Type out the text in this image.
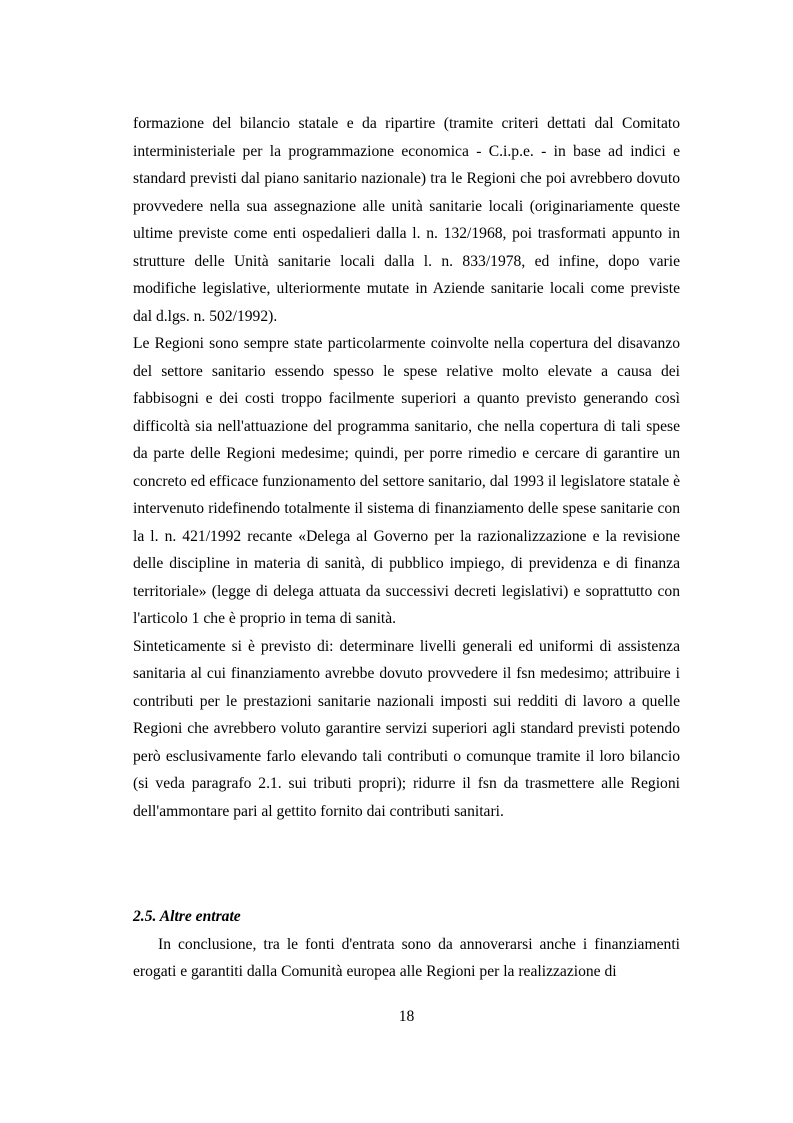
formazione del bilancio statale e da ripartire (tramite criteri dettati dal Comitato interministeriale per la programmazione economica - C.i.p.e. - in base ad indici e standard previsti dal piano sanitario nazionale) tra le Regioni che poi avrebbero dovuto provvedere nella sua assegnazione alle unità sanitarie locali (originariamente queste ultime previste come enti ospedalieri dalla l. n. 132/1968, poi trasformati appunto in strutture delle Unità sanitarie locali dalla l. n. 833/1978, ed infine, dopo varie modifiche legislative, ulteriormente mutate in Aziende sanitarie locali come previste dal d.lgs. n. 502/1992).

Le Regioni sono sempre state particolarmente coinvolte nella copertura del disavanzo del settore sanitario essendo spesso le spese relative molto elevate a causa dei fabbisogni e dei costi troppo facilmente superiori a quanto previsto generando così difficoltà sia nell'attuazione del programma sanitario, che nella copertura di tali spese da parte delle Regioni medesime; quindi, per porre rimedio e cercare di garantire un concreto ed efficace funzionamento del settore sanitario, dal 1993 il legislatore statale è intervenuto ridefinendo totalmente il sistema di finanziamento delle spese sanitarie con la l. n. 421/1992 recante «Delega al Governo per la razionalizzazione e la revisione delle discipline in materia di sanità, di pubblico impiego, di previdenza e di finanza territoriale» (legge di delega attuata da successivi decreti legislativi) e soprattutto con l'articolo 1 che è proprio in tema di sanità.

Sinteticamente si è previsto di: determinare livelli generali ed uniformi di assistenza sanitaria al cui finanziamento avrebbe dovuto provvedere il fsn medesimo; attribuire i contributi per le prestazioni sanitarie nazionali imposti sui redditi di lavoro a quelle Regioni che avrebbero voluto garantire servizi superiori agli standard previsti potendo però esclusivamente farlo elevando tali contributi o comunque tramite il loro bilancio (si veda paragrafo 2.1. sui tributi propri); ridurre il fsn da trasmettere alle Regioni dell'ammontare pari al gettito fornito dai contributi sanitari.

2.5. Altre entrate

In conclusione, tra le fonti d'entrata sono da annoverarsi anche i finanziamenti erogati e garantiti dalla Comunità europea alle Regioni per la realizzazione di

18
